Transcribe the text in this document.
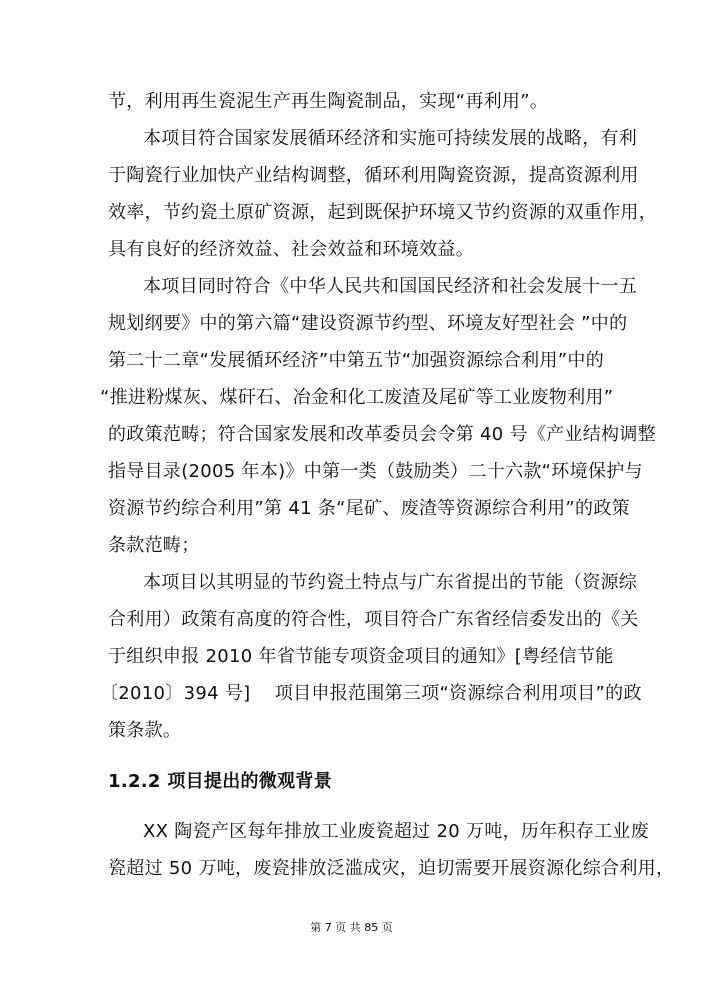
节，利用再生瓷泥生产再生陶瓷制品，实现“再利用”。
本项目符合国家发展循环经济和实施可持续发展的战略，有利
于陶瓷行业加快产业结构调整，循环利用陶瓷资源，提高资源利用
效率，节约瓷土原矿资源，起到既保护环境又节约资源的双重作用，
具有良好的经济效益、社会效益和环境效益。
本项目同时符合《中华人民共和国国民经济和社会发展十一五
规划纲要》中的第六篇“建设资源节约型、环境友好型社会 ”中的
第二十二章“发展循环经济”中第五节“加强资源综合利用”中的
“推进粉煤灰、煤矸石、冶金和化工废渣及尾矿等工业废物利用”
的政策范畴；符合国家发展和改革委员会令第 40 号《产业结构调整
指导目录(2005 年本)》中第一类（鼓励类）二十六款“环境保护与
资源节约综合利用”第 41 条“尾矿、废渣等资源综合利用”的政策
条款范畴；
本项目以其明显的节约瓷土特点与广东省提出的节能（资源综
合利用）政策有高度的符合性，项目符合广东省经信委发出的《关
于组织申报 2010 年省节能专项资金项目的通知》[粤经信节能
〔2010〕394 号]　 项目申报范围第三项“资源综合利用项目”的政
策条款。
1.2.2 项目提出的微观背景
XX 陶瓷产区每年排放工业废瓷超过 20 万吨，历年积存工业废
瓷超过 50 万吨，废瓷排放泛滥成灾，迫切需要开展资源化综合利用，
第 7 页 共 85 页
